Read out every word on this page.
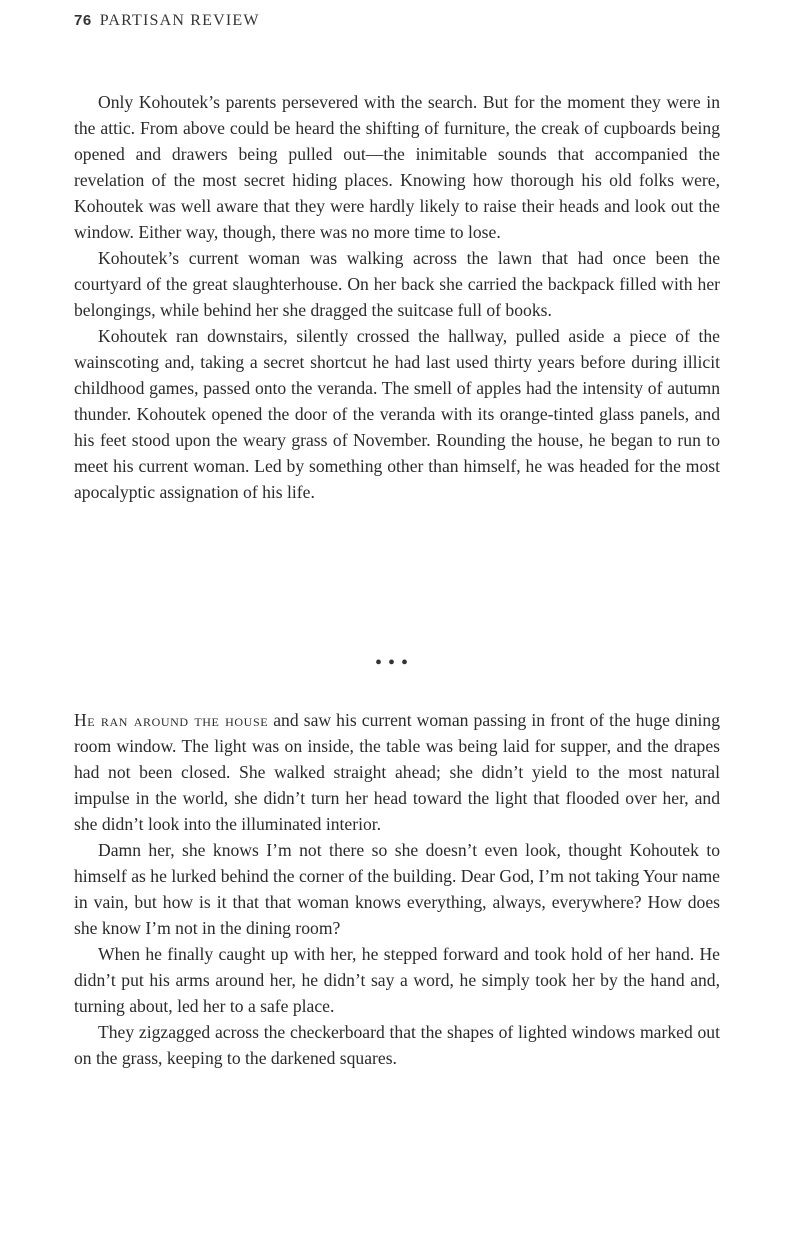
76 PARTISAN REVIEW

Only Kohoutek’s parents persevered with the search. But for the moment they were in the attic. From above could be heard the shifting of furniture, the creak of cupboards being opened and drawers being pulled out—the inimitable sounds that accompanied the revelation of the most secret hiding places. Knowing how thorough his old folks were, Kohoutek was well aware that they were hardly likely to raise their heads and look out the window. Either way, though, there was no more time to lose.

Kohoutek’s current woman was walking across the lawn that had once been the courtyard of the great slaughterhouse. On her back she carried the backpack filled with her belongings, while behind her she dragged the suitcase full of books.

Kohoutek ran downstairs, silently crossed the hallway, pulled aside a piece of the wainscoting and, taking a secret shortcut he had last used thirty years before during illicit childhood games, passed onto the veranda. The smell of apples had the intensity of autumn thunder. Kohoutek opened the door of the veranda with its orange-tinted glass panels, and his feet stood upon the weary grass of November. Rounding the house, he began to run to meet his current woman. Led by something other than himself, he was headed for the most apocalyptic assignation of his life.

•••

He ran around the house and saw his current woman passing in front of the huge dining room window. The light was on inside, the table was being laid for supper, and the drapes had not been closed. She walked straight ahead; she didn’t yield to the most natural impulse in the world, she didn’t turn her head toward the light that flooded over her, and she didn’t look into the illuminated interior.

Damn her, she knows I’m not there so she doesn’t even look, thought Kohoutek to himself as he lurked behind the corner of the building. Dear God, I’m not taking Your name in vain, but how is it that that woman knows everything, always, everywhere? How does she know I’m not in the dining room?

When he finally caught up with her, he stepped forward and took hold of her hand. He didn’t put his arms around her, he didn’t say a word, he simply took her by the hand and, turning about, led her to a safe place.

They zigzagged across the checkerboard that the shapes of lighted windows marked out on the grass, keeping to the darkened squares.
